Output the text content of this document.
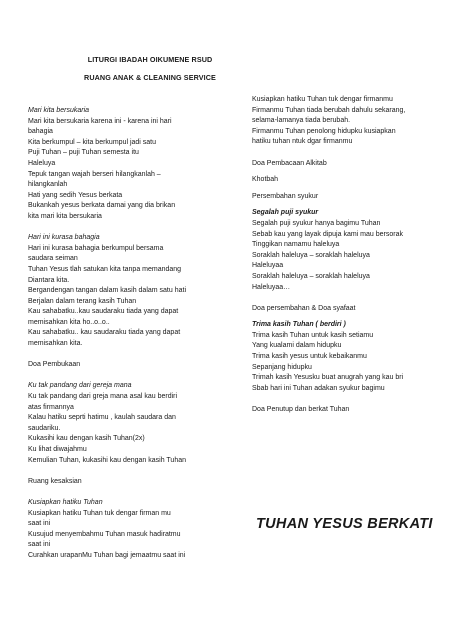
LITURGI IBADAH OIKUMENE RSUD
RUANG ANAK & CLEANING SERVICE
Mari kita bersukaria
Mari kita bersukaria karena ini - karena ini hari
bahagia
Kita berkumpul – kita berkumpul jadi satu
Puji Tuhan – puji Tuhan semesta itu
Haleluya
Tepuk tangan wajah berseri hilangkanlah –
hilangkanlah
Hati yang sedih Yesus berkata
Bukankah yesus berkata damai yang dia brikan
kita mari kita bersukaria
Hari ini kurasa bahagia
Hari ini kurasa bahagia berkumpul bersama
saudara seiman
Tuhan Yesus tlah satukan kita tanpa memandang
Diantara kita.
Bergandengan tangan dalam kasih dalam satu hati
Berjalan dalam terang kasih Tuhan
Kau sahabatku..kau saudaraku tiada yang dapat
memisahkan kita ho..o..o..
Kau sahabatku.. kau saudaraku tiada yang dapat
memisahkan kita.
Doa Pembukaan
Ku tak pandang dari gereja mana
Ku tak pandang dari greja mana asal kau berdiri
atas firmannya
Kalau hatiku seprti hatimu , kaulah saudara dan
saudariku.
Kukasihi kau dengan kasih Tuhan(2x)
Ku lihat diwajahmu
Kemulian Tuhan, kukasihi kau dengan kasih Tuhan
Ruang kesaksian
Kusiapkan hatiku Tuhan
Kusiapkan hatiku Tuhan tuk dengar firman mu
saat ini
Kusujud menyembahmu Tuhan masuk hadiratmu
saat ini
Curahkan urapanMu Tuhan bagi jemaatmu saat ini
Kusiapkan hatiku Tuhan tuk dengar firmanmu
Firmanmu Tuhan tiada berubah dahulu sekarang,
selama-lamanya tiada berubah.
Firmanmu Tuhan penolong hidupku kusiapkan
hatiku tuhan ntuk dgar firmanmu
Doa Pembacaan Alkitab
Khotbah
Persembahan syukur
Segalah puji syukur
Segalah puji syukur hanya bagimu Tuhan
Sebab kau yang layak dipuja kami mau bersorak
Tinggikan namamu haleluya
Soraklah haleluya – soraklah haleluya
Haleluyaa
Soraklah haleluya – soraklah haleluya
Haleluyaa…
Doa persembahan & Doa syafaat
Trima kasih Tuhan ( berdiri )
Trima kasih Tuhan untuk kasih setiamu
Yang kualami dalam hidupku
Trima kasih yesus untuk kebaikanmu
Sepanjang hidupku
Trimah kasih Yesusku buat anugrah yang kau bri
Sbab hari ini Tuhan adakan syukur bagimu
Doa Penutup dan berkat Tuhan
TUHAN YESUS BERKATI
